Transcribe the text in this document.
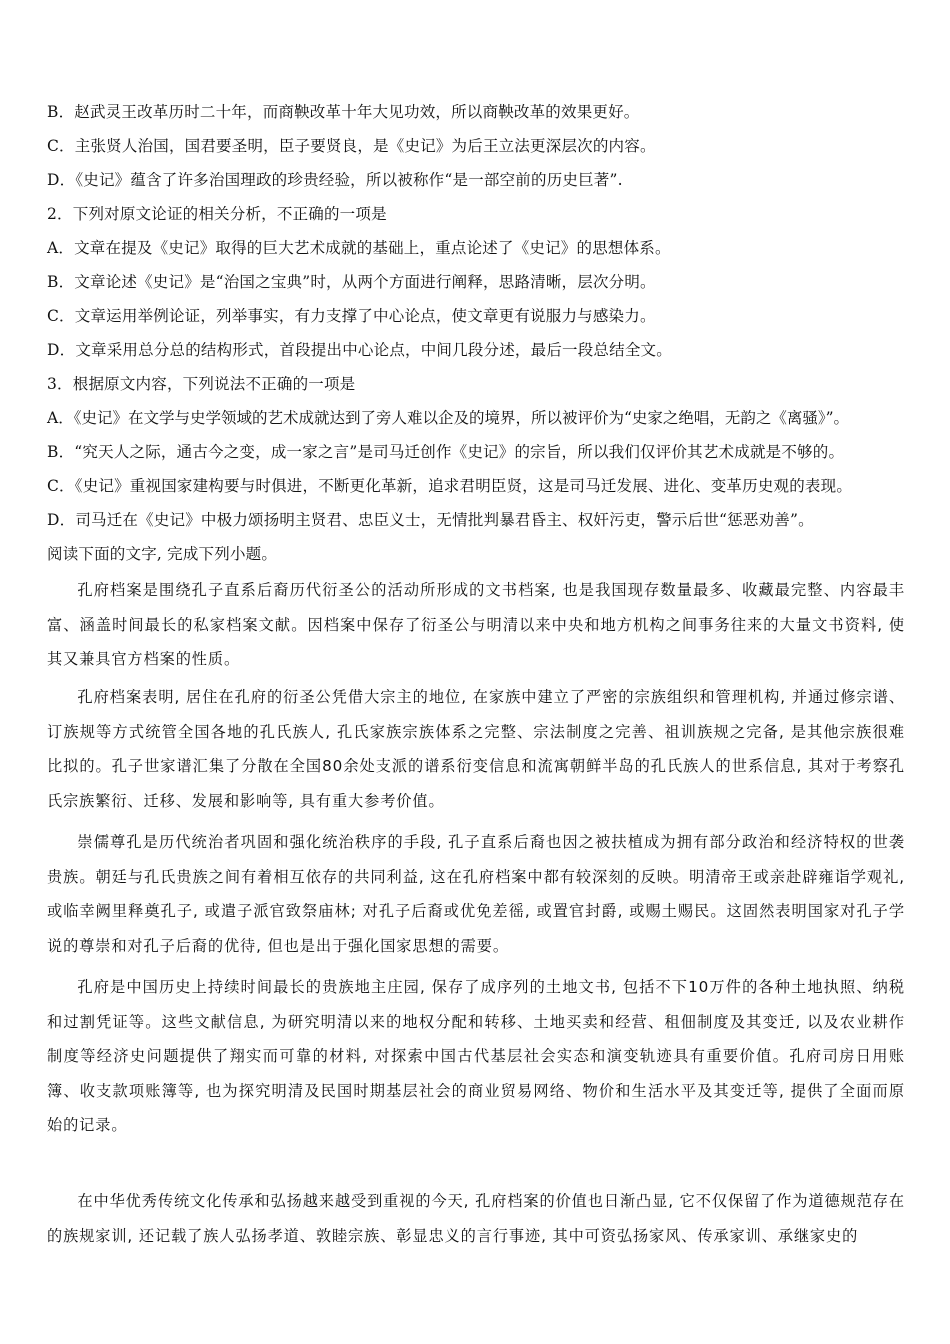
B．赵武灵王改革历时二十年，而商鞅改革十年大见功效，所以商鞅改革的效果更好。
C．主张贤人治国，国君要圣明，臣子要贤良，是《史记》为后王立法更深层次的内容。
D．《史记》蕴含了许多治国理政的珍贵经验，所以被称作“是一部空前的历史巨著”.
2．下列对原文论证的相关分析，不正确的一项是
A．文章在提及《史记》取得的巨大艺术成就的基础上，重点论述了《史记》的思想体系。
B．文章论述《史记》是“治国之宝典”时，从两个方面进行阐释，思路清晰，层次分明。
C．文章运用举例论证，列举事实，有力支撑了中心论点，使文章更有说服力与感染力。
D．文章采用总分总的结构形式，首段提出中心论点，中间几段分述，最后一段总结全文。
3．根据原文内容，下列说法不正确的一项是
A．《史记》在文学与史学领域的艺术成就达到了旁人难以企及的境界，所以被评价为“史家之绝唱，无韵之《离骚》”。
B．“究天人之际，通古今之变，成一家之言”是司马迁创作《史记》的宗旨，所以我们仅评价其艺术成就是不够的。
C．《史记》重视国家建构要与时俱进，不断更化革新，追求君明臣贤，这是司马迁发展、进化、变革历史观的表现。
D．司马迁在《史记》中极力颂扬明主贤君、忠臣义士，无情批判暴君昏主、权奸污吏，警示后世“惩恶劝善”。
阅读下面的文字, 完成下列小题。
孔府档案是围绕孔子直系后裔历代衍圣公的活动所形成的文书档案, 也是我国现存数量最多、收藏最完整、内容最丰富、涵盖时间最长的私家档案文献。因档案中保存了衍圣公与明清以来中央和地方机构之间事务往来的大量文书资料, 使其又兼具官方档案的性质。
孔府档案表明, 居住在孔府的衍圣公凭借大宗主的地位, 在家族中建立了严密的宗族组织和管理机构, 并通过修宗谱、订族规等方式统管全国各地的孔氏族人, 孔氏家族宗族体系之完整、宗法制度之完善、祖训族规之完备, 是其他宗族很难比拟的。孔子世家谱汇集了分散在全国80余处支派的谱系衍变信息和流寓朝鲜半岛的孔氏族人的世系信息, 其对于考察孔氏宗族繁衍、迁移、发展和影响等, 具有重大参考价值。
崇儒尊孔是历代统治者巩固和强化统治秩序的手段, 孔子直系后裔也因之被扶植成为拥有部分政治和经济特权的世袭贵族。朝廷与孔氏贵族之间有着相互依存的共同利益, 这在孔府档案中都有较深刻的反映。明清帝王或亲赴辟雍诣学观礼, 或临幸阙里释奠孔子, 或遣子派官致祭庙林; 对孔子后裔或优免差徭, 或置官封爵, 或赐土赐民。这固然表明国家对孔子学说的尊崇和对孔子后裔的优待, 但也是出于强化国家思想的需要。
孔府是中国历史上持续时间最长的贵族地主庄园, 保存了成序列的土地文书, 包括不下10万件的各种土地执照、纳税和过割凭证等。这些文献信息, 为研究明清以来的地权分配和转移、土地买卖和经营、租佃制度及其变迁, 以及农业耕作制度等经济史问题提供了翔实而可靠的材料, 对探索中国古代基层社会实态和演变轨迹具有重要价值。孔府司房日用账簿、收支款项账簿等, 也为探究明清及民国时期基层社会的商业贸易网络、物价和生活水平及其变迁等, 提供了全面而原始的记录。
在中华优秀传统文化传承和弘扬越来越受到重视的今天, 孔府档案的价值也日渐凸显, 它不仅保留了作为道德规范存在的族规家训, 还记载了族人弘扬孝道、敦睦宗族、彰显忠义的言行事迹, 其中可资弘扬家风、传承家训、承继家史的
